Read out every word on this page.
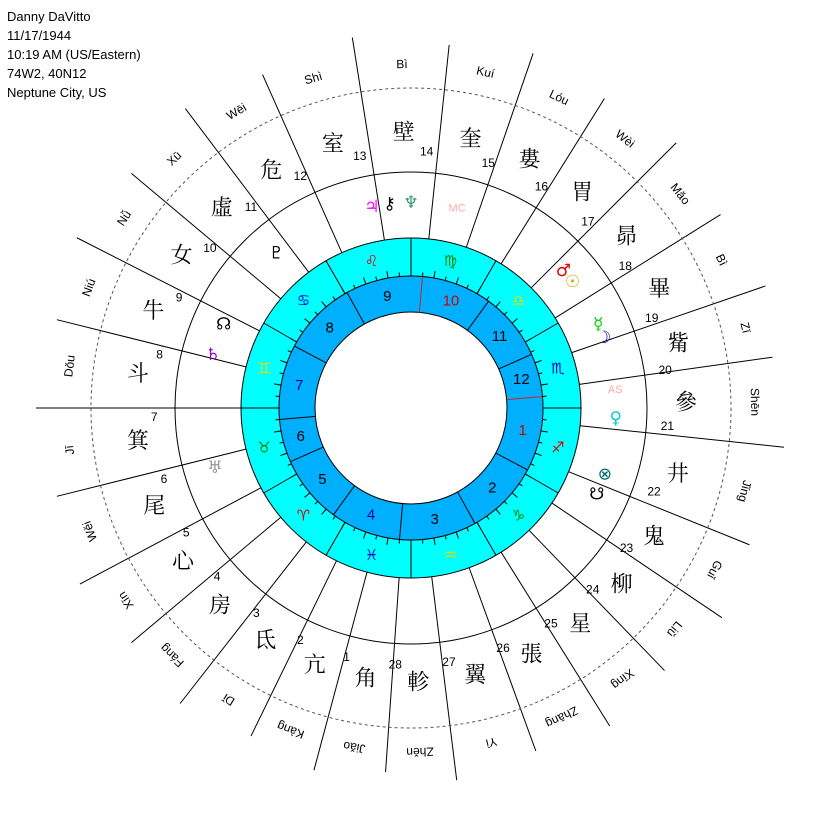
Danny DaVitto
11/17/1944
10:19 AM (US/Eastern)
74W2, 40N12
Neptune City, US
角
1
Jiǎo
亢
2
Kàng
氐
3
Dǐ
房
4
Fáng
心
5
Xīn
尾
6
Wěi
箕
7
Jī
斗
8
Dǒu
牛
9
Niú
女 10
Nǚ	虛 11
Xū
危 12
Wēi
室 13
Shì
壁
14
Bì
奎
15
Kuí
婁
16
Lóu
胃
17
Wèi
昴
18
Mǎo
畢
19
Bì
觜
20
Zī
參
21
Shēn
井
22	Jǐng
鬼
23
Guǐ
柳
24
Liǔ
星
25
Xīng
張
26
Zhāng
翼
27
Yì
軫
28
Zhěn
♐
♑
♒
♓
♈
♉
♊
♋
♌	♍
♎
♏
1
2
3
4
5
6
7
8
9	10
11
12
MC
♆
⚷
♃
♇
☊
♄
♅	⊗
☋
AS
♀
☽
☿
☉
♂
